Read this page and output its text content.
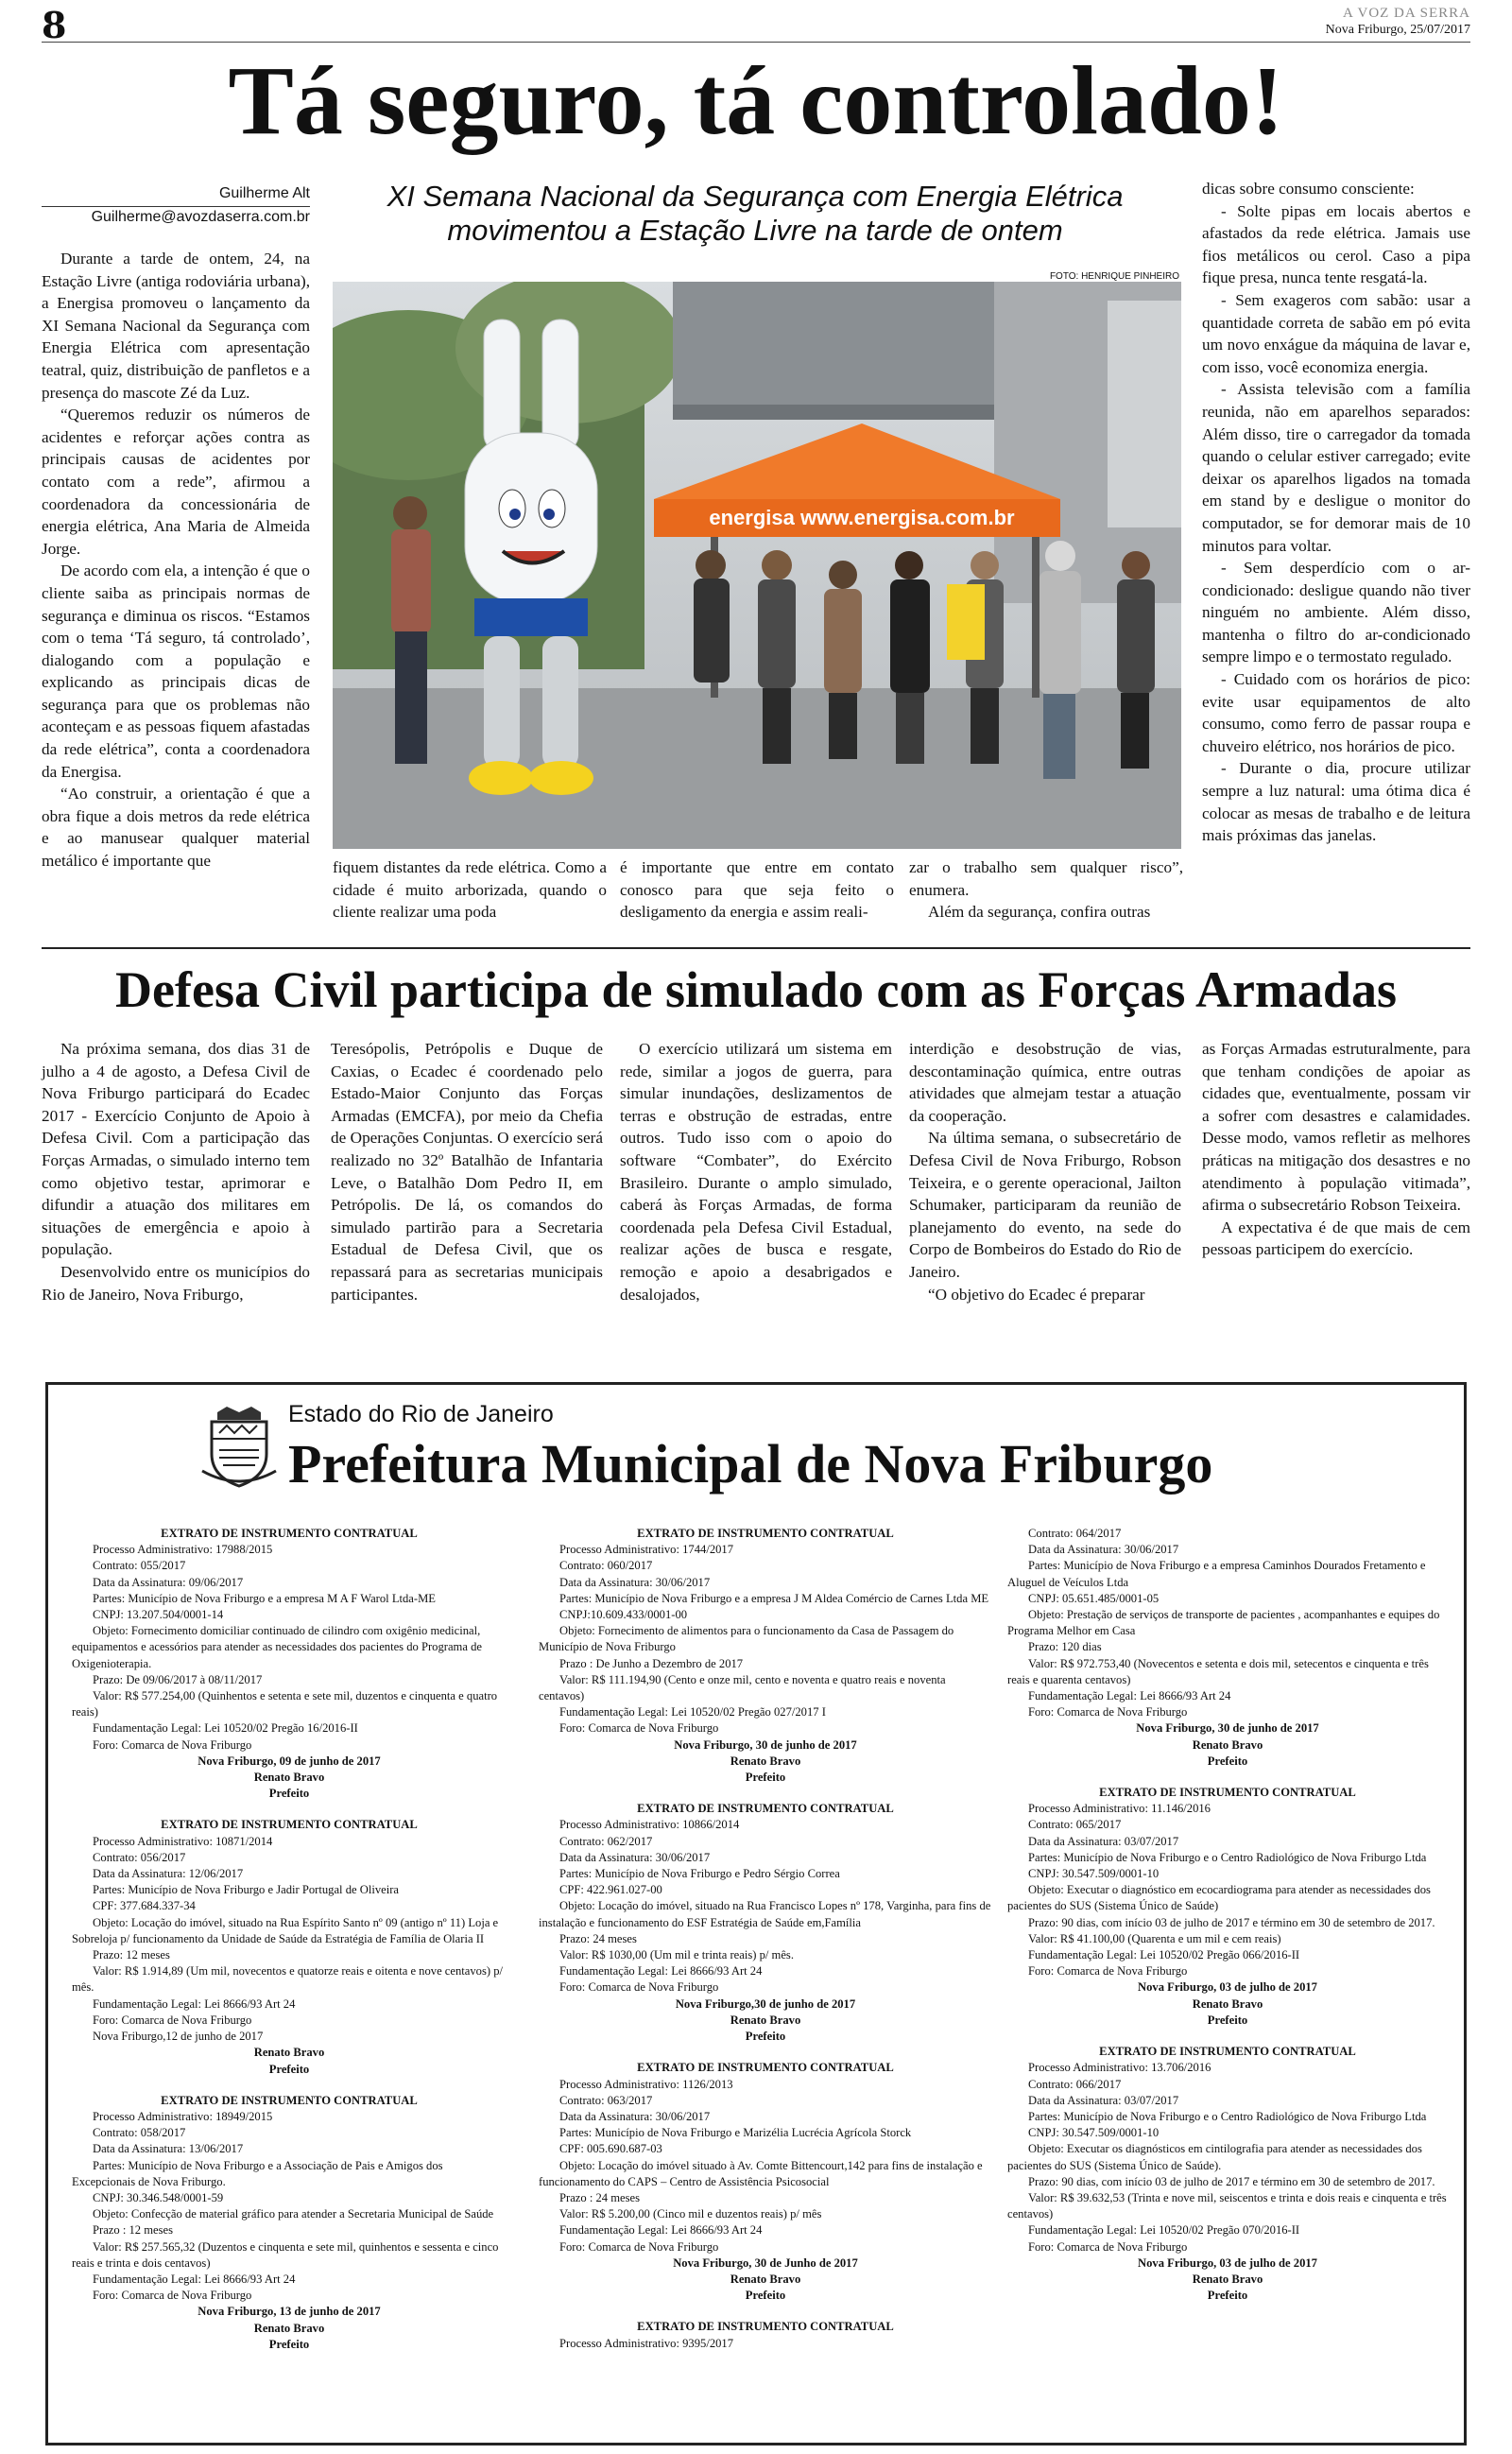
8	A VOZ DA SERRA
Nova Friburgo, 25/07/2017
Tá seguro, tá controlado!
Guilherme Alt
Guilherme@avozdaserra.com.br

Durante a tarde de ontem, 24, na Estação Livre (antiga rodoviária urbana), a Energisa promoveu o lançamento da XI Semana Nacional da Segurança com Energia Elétrica com apresentação teatral, quiz, distribuição de panfletos e a presença do mascote Zé da Luz.

“Queremos reduzir os números de acidentes e reforçar ações contra as principais causas de acidentes por contato com a rede”, afirmou a coordenadora da concessionária de energia elétrica, Ana Maria de Almeida Jorge.

De acordo com ela, a intenção é que o cliente saiba as principais normas de segurança e diminua os riscos. “Estamos com o tema ‘Tá seguro, tá controlado’, dialogando com a população e explicando as principais dicas de segurança para que os problemas não aconteçam e as pessoas fiquem afastadas da rede elétrica”, conta a coordenadora da Energisa.

“Ao construir, a orientação é que a obra fique a dois metros da rede elétrica e ao manusear qualquer material metálico é importante que

XI Semana Nacional da Segurança com Energia Elétrica
movimentou a Estação Livre na tarde de ontem
FOTO: HENRIQUE PINHEIRO
energisa www.energisa.com.br

fiquem distantes da rede elétrica. Como a cidade é muito arborizada, quando o cliente realizar uma poda

é importante que entre em contato conosco para que seja feito o desligamento da energia e assim reali-

zar o trabalho sem qualquer risco”, enumera.

Além da segurança, confira outras

dicas sobre consumo consciente:

- Solte pipas em locais abertos e afastados da rede elétrica. Jamais use fios metálicos ou cerol. Caso a pipa fique presa, nunca tente resgatá-la.

- Sem exageros com sabão: usar a quantidade correta de sabão em pó evita um novo enxágue da máquina de lavar e, com isso, você economiza energia.

- Assista televisão com a família reunida, não em aparelhos separados: Além disso, tire o carregador da tomada quando o celular estiver carregado; evite deixar os aparelhos ligados na tomada em stand by e desligue o monitor do computador, se for demorar mais de 10 minutos para voltar.

- Sem desperdício com o ar-condicionado: desligue quando não tiver ninguém no ambiente. Além disso, mantenha o filtro do ar-condicionado sempre limpo e o termostato regulado.

- Cuidado com os horários de pico: evite usar equipamentos de alto consumo, como ferro de passar roupa e chuveiro elétrico, nos horários de pico.

- Durante o dia, procure utilizar sempre a luz natural: uma ótima dica é colocar as mesas de trabalho e de leitura mais próximas das janelas.

Defesa Civil participa de simulado com as Forças Armadas

Na próxima semana, dos dias 31 de julho a 4 de agosto, a Defesa Civil de Nova Friburgo participará do Ecadec 2017 - Exercício Conjunto de Apoio à Defesa Civil. Com a participação das Forças Armadas, o simulado interno tem como objetivo testar, aprimorar e difundir a atuação dos militares em situações de emergência e apoio à população.

Desenvolvido entre os municípios do Rio de Janeiro, Nova Friburgo,

Teresópolis, Petrópolis e Duque de Caxias, o Ecadec é coordenado pelo Estado-Maior Conjunto das Forças Armadas (EMCFA), por meio da Chefia de Operações Conjuntas. O exercício será realizado no 32º Batalhão de Infantaria Leve, o Batalhão Dom Pedro II, em Petrópolis. De lá, os comandos do simulado partirão para a Secretaria Estadual de Defesa Civil, que os repassará para as secretarias municipais participantes.

O exercício utilizará um sistema em rede, similar a jogos de guerra, para simular inundações, deslizamentos de terras e obstrução de estradas, entre outros. Tudo isso com o apoio do software “Combater”, do Exército Brasileiro. Durante o amplo simulado, caberá às Forças Armadas, de forma coordenada pela Defesa Civil Estadual, realizar ações de busca e resgate, remoção e apoio a desabrigados e desalojados,

interdição e desobstrução de vias, descontaminação química, entre outras atividades que almejam testar a atuação da cooperação.

Na última semana, o subsecretário de Defesa Civil de Nova Friburgo, Robson Teixeira, e o gerente operacional, Jailton Schumaker, participaram da reunião de planejamento do evento, na sede do Corpo de Bombeiros do Estado do Rio de Janeiro.

“O objetivo do Ecadec é preparar

as Forças Armadas estruturalmente, para que tenham condições de apoiar as cidades que, eventualmente, possam vir a sofrer com desastres e calamidades. Desse modo, vamos refletir as melhores práticas na mitigação dos desastres e no atendimento à população vitimada”, afirma o subsecretário Robson Teixeira.

A expectativa é de que mais de cem pessoas participem do exercício.

Estado do Rio de Janeiro
Prefeitura Municipal de Nova Friburgo
EXTRATO DE INSTRUMENTO CONTRATUAL
Processo Administrativo: 17988/2015
Contrato: 055/2017
Data da Assinatura: 09/06/2017
Partes: Município de Nova Friburgo e a empresa M A F Warol Ltda-ME
CNPJ: 13.207.504/0001-14
Objeto: Fornecimento domiciliar continuado de cilindro com oxigênio medicinal, equipamentos e acessórios para atender as necessidades dos pacientes do Programa de Oxigenioterapia.
Prazo: De 09/06/2017 à 08/11/2017
Valor: R$ 577.254,00 (Quinhentos e setenta e sete mil, duzentos e cinquenta e quatro reais)
Fundamentação Legal: Lei 10520/02 Pregão 16/2016-II
Foro: Comarca de Nova Friburgo
Nova Friburgo, 09 de junho de 2017
Renato Bravo
Prefeito
EXTRATO DE INSTRUMENTO CONTRATUAL
Processo Administrativo: 10871/2014
Contrato: 056/2017
Data da Assinatura: 12/06/2017
Partes: Município de Nova Friburgo e Jadir Portugal de Oliveira
CPF: 377.684.337-34
Objeto: Locação do imóvel, situado na Rua Espírito Santo nº 09 (antigo nº 11) Loja e Sobreloja p/ funcionamento da Unidade de Saúde da Estratégia de Família de Olaria II
Prazo: 12 meses
Valor: R$ 1.914,89 (Um mil, novecentos e quatorze reais e oitenta e nove centavos) p/ mês.
Fundamentação Legal: Lei 8666/93 Art 24
Foro: Comarca de Nova Friburgo
Nova Friburgo,12 de junho de 2017
Renato Bravo
Prefeito
EXTRATO DE INSTRUMENTO CONTRATUAL
Processo Administrativo: 18949/2015
Contrato: 058/2017
Data da Assinatura: 13/06/2017
Partes: Município de Nova Friburgo e a Associação de Pais e Amigos dos Excepcionais de Nova Friburgo.
CNPJ: 30.346.548/0001-59
Objeto: Confecção de material gráfico para atender a Secretaria Municipal de Saúde
Prazo : 12 meses
Valor: R$ 257.565,32 (Duzentos e cinquenta e sete mil, quinhentos e sessenta e cinco reais e trinta e dois centavos)
Fundamentação Legal: Lei 8666/93 Art 24
Foro: Comarca de Nova Friburgo
Nova Friburgo, 13 de junho de 2017
Renato Bravo
Prefeito
EXTRATO DE INSTRUMENTO CONTRATUAL
Processo Administrativo: 1744/2017
Contrato: 060/2017
Data da Assinatura: 30/06/2017
Partes: Município de Nova Friburgo e a empresa J M Aldea Comércio de Carnes Ltda ME
CNPJ:10.609.433/0001-00
Objeto: Fornecimento de alimentos para o funcionamento da Casa de Passagem do Município de Nova Friburgo
Prazo : De Junho a Dezembro de 2017
Valor: R$ 111.194,90 (Cento e onze mil, cento e noventa e quatro reais e noventa centavos)
Fundamentação Legal: Lei 10520/02 Pregão 027/2017 I
Foro: Comarca de Nova Friburgo
Nova Friburgo, 30 de junho de 2017
Renato Bravo
Prefeito
EXTRATO DE INSTRUMENTO CONTRATUAL
Processo Administrativo: 10866/2014
Contrato: 062/2017
Data da Assinatura: 30/06/2017
Partes: Município de Nova Friburgo e Pedro Sérgio Correa
CPF: 422.961.027-00
Objeto: Locação do imóvel, situado na Rua Francisco Lopes nº 178, Varginha, para fins de instalação e funcionamento do ESF Estratégia de Saúde em,Família
Prazo: 24 meses
Valor: R$ 1030,00 (Um mil e trinta reais) p/ mês.
Fundamentação Legal: Lei 8666/93 Art 24
Foro: Comarca de Nova Friburgo
Nova Friburgo,30 de junho de 2017
Renato Bravo
Prefeito
EXTRATO DE INSTRUMENTO CONTRATUAL
Processo Administrativo: 1126/2013
Contrato: 063/2017
Data da Assinatura: 30/06/2017
Partes: Município de Nova Friburgo e Marizélia Lucrécia Agrícola Storck
CPF: 005.690.687-03
Objeto: Locação do imóvel situado à Av. Comte Bittencourt,142 para fins de instalação e funcionamento do CAPS – Centro de Assistência Psicosocial
Prazo : 24 meses
Valor: R$ 5.200,00 (Cinco mil e duzentos reais) p/ mês
Fundamentação Legal: Lei 8666/93 Art 24
Foro: Comarca de Nova Friburgo
Nova Friburgo, 30 de Junho de 2017
Renato Bravo
Prefeito
EXTRATO DE INSTRUMENTO CONTRATUAL
Processo Administrativo: 9395/2017
Contrato: 064/2017
Data da Assinatura: 30/06/2017
Partes: Município de Nova Friburgo e a empresa Caminhos Dourados Fretamento e Aluguel de Veículos Ltda
CNPJ: 05.651.485/0001-05
Objeto: Prestação de serviços de transporte de pacientes , acompanhantes e equipes do Programa Melhor em Casa
Prazo: 120 dias
Valor: R$ 972.753,40 (Novecentos e setenta e dois mil, setecentos e cinquenta e três reais e quarenta centavos)
Fundamentação Legal: Lei 8666/93 Art 24
Foro: Comarca de Nova Friburgo
Nova Friburgo, 30 de junho de 2017
Renato Bravo
Prefeito
EXTRATO DE INSTRUMENTO CONTRATUAL
Processo Administrativo: 11.146/2016
Contrato: 065/2017
Data da Assinatura: 03/07/2017
Partes: Município de Nova Friburgo e o Centro Radiológico de Nova Friburgo Ltda
CNPJ: 30.547.509/0001-10
Objeto: Executar o diagnóstico em ecocardiograma para atender as necessidades dos pacientes do SUS (Sistema Único de Saúde)
Prazo: 90 dias, com início 03 de julho de 2017 e término em 30 de setembro de 2017.
Valor: R$ 41.100,00 (Quarenta e um mil e cem reais)
Fundamentação Legal: Lei 10520/02 Pregão 066/2016-II
Foro: Comarca de Nova Friburgo
Nova Friburgo, 03 de julho de 2017
Renato Bravo
Prefeito
EXTRATO DE INSTRUMENTO CONTRATUAL
Processo Administrativo: 13.706/2016
Contrato: 066/2017
Data da Assinatura: 03/07/2017
Partes: Município de Nova Friburgo e o Centro Radiológico de Nova Friburgo Ltda
CNPJ: 30.547.509/0001-10
Objeto: Executar os diagnósticos em cintilografia para atender as necessidades dos pacientes do SUS (Sistema Único de Saúde).
Prazo: 90 dias, com início 03 de julho de 2017 e término em 30 de setembro de 2017.
Valor: R$ 39.632,53 (Trinta e nove mil, seiscentos e trinta e dois reais e cinquenta e três centavos)
Fundamentação Legal: Lei 10520/02 Pregão 070/2016-II
Foro: Comarca de Nova Friburgo
Nova Friburgo, 03 de julho de 2017
Renato Bravo
Prefeito
